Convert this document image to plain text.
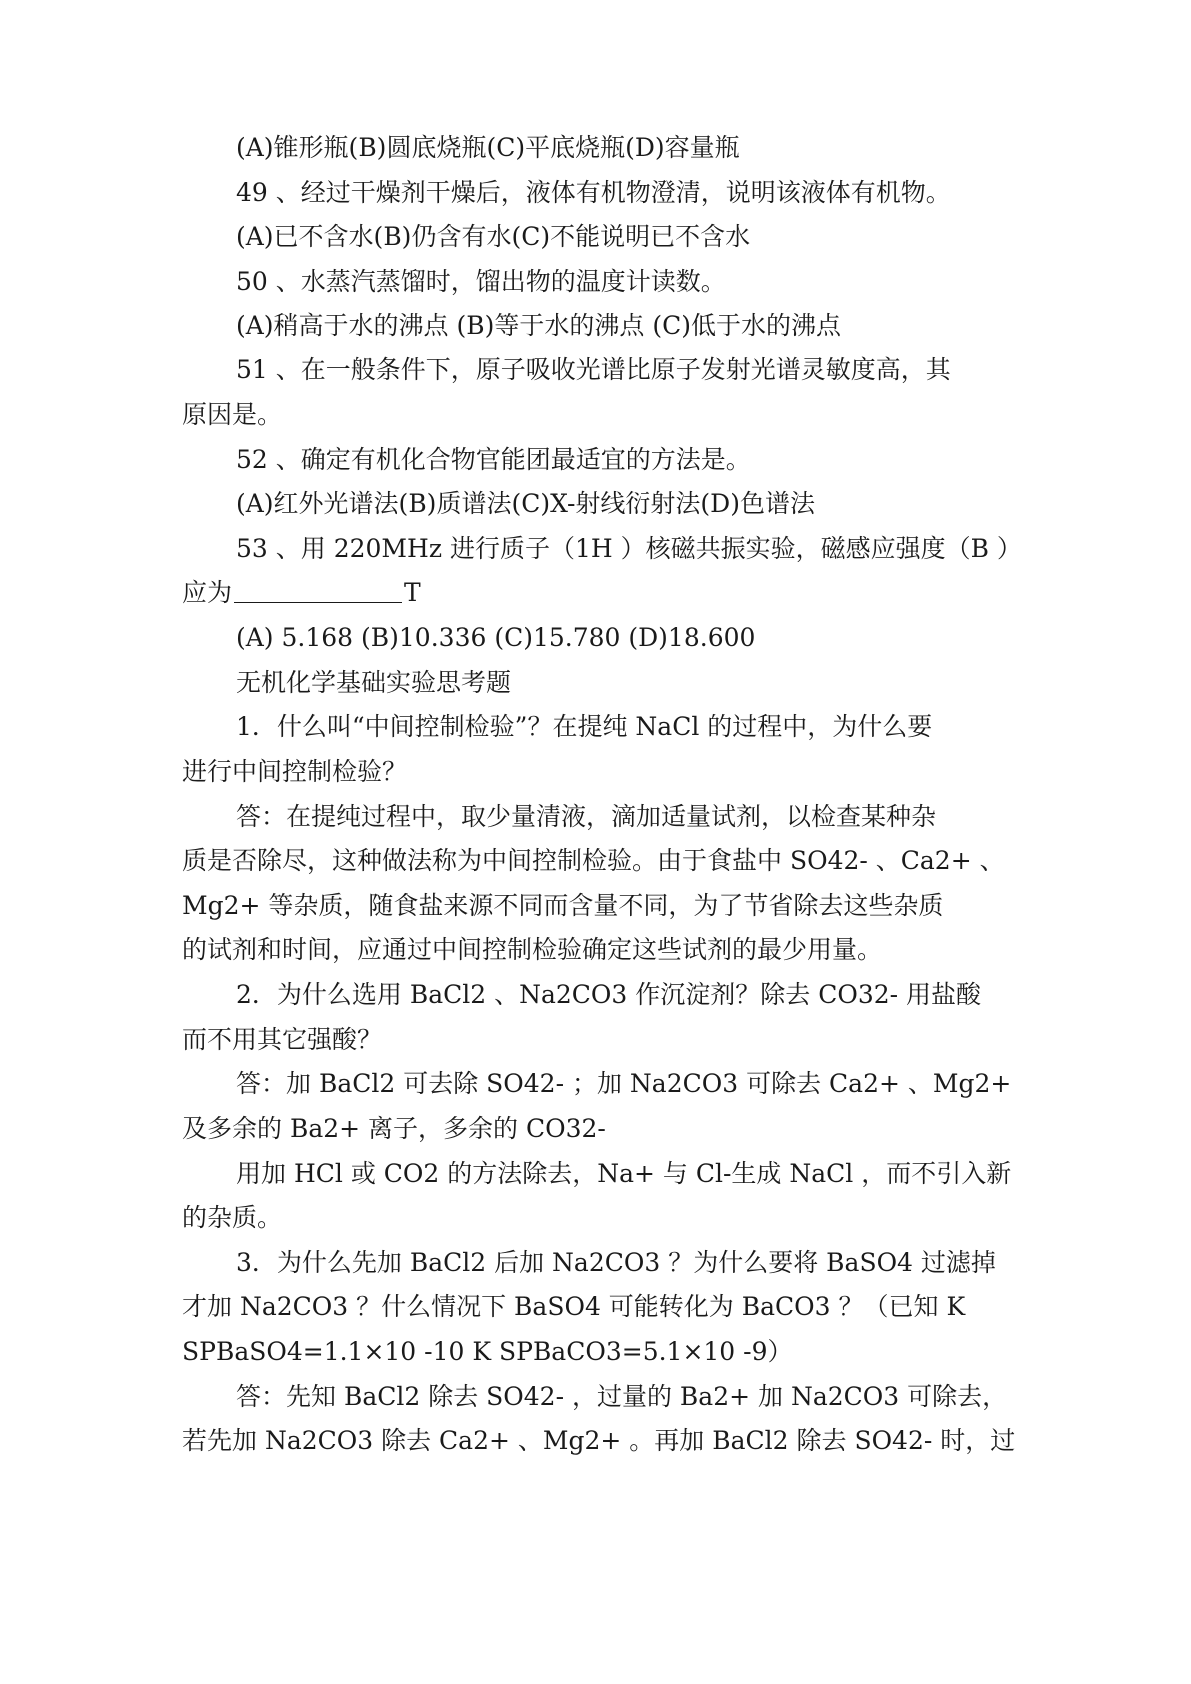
(A)锥形瓶(B)圆底烧瓶(C)平底烧瓶(D)容量瓶
49 、经过干燥剂干燥后，液体有机物澄清，说明该液体有机物。
(A)已不含水(B)仍含有水(C)不能说明已不含水
50 、水蒸汽蒸馏时，馏出物的温度计读数。
(A)稍高于水的沸点 (B)等于水的沸点 (C)低于水的沸点
51 、在一般条件下，原子吸收光谱比原子发射光谱灵敏度高，其
原因是。
52 、确定有机化合物官能团最适宜的方法是。
(A)红外光谱法(B)质谱法(C)X-射线衍射法(D)色谱法
53 、用 220MHz 进行质子（1H ）核磁共振实验，磁感应强度（B ）
应为	T
(A) 5.168 (B)10.336 (C)15.780 (D)18.600
无机化学基础实验思考题
1．什么叫“中间控制检验”？在提纯 NaCl 的过程中，为什么要
进行中间控制检验？
答：在提纯过程中，取少量清液，滴加适量试剂，以检查某种杂
质是否除尽，这种做法称为中间控制检验。由于食盐中 SO42- 、Ca2+ 、
Mg2+ 等杂质，随食盐来源不同而含量不同，为了节省除去这些杂质
的试剂和时间，应通过中间控制检验确定这些试剂的最少用量。
2．为什么选用 BaCl2 、Na2CO3 作沉淀剂？除去 CO32- 用盐酸
而不用其它强酸？
答：加 BaCl2 可去除 SO42- ；加 Na2CO3 可除去 Ca2+ 、Mg2+
及多余的 Ba2+ 离子，多余的 CO32-
用加 HCl 或 CO2 的方法除去，Na+ 与 Cl-生成 NaCl ，而不引入新
的杂质。
3．为什么先加 BaCl2 后加 Na2CO3 ？为什么要将 BaSO4 过滤掉
才加 Na2CO3 ？什么情况下 BaSO4 可能转化为 BaCO3 ？（已知 K
SPBaSO4=1.1×10 -10 K SPBaCO3=5.1×10 -9）
答：先知 BaCl2 除去 SO42- ，过量的 Ba2+ 加 Na2CO3 可除去，
若先加 Na2CO3 除去 Ca2+ 、Mg2+ 。再加 BaCl2 除去 SO42- 时，过
